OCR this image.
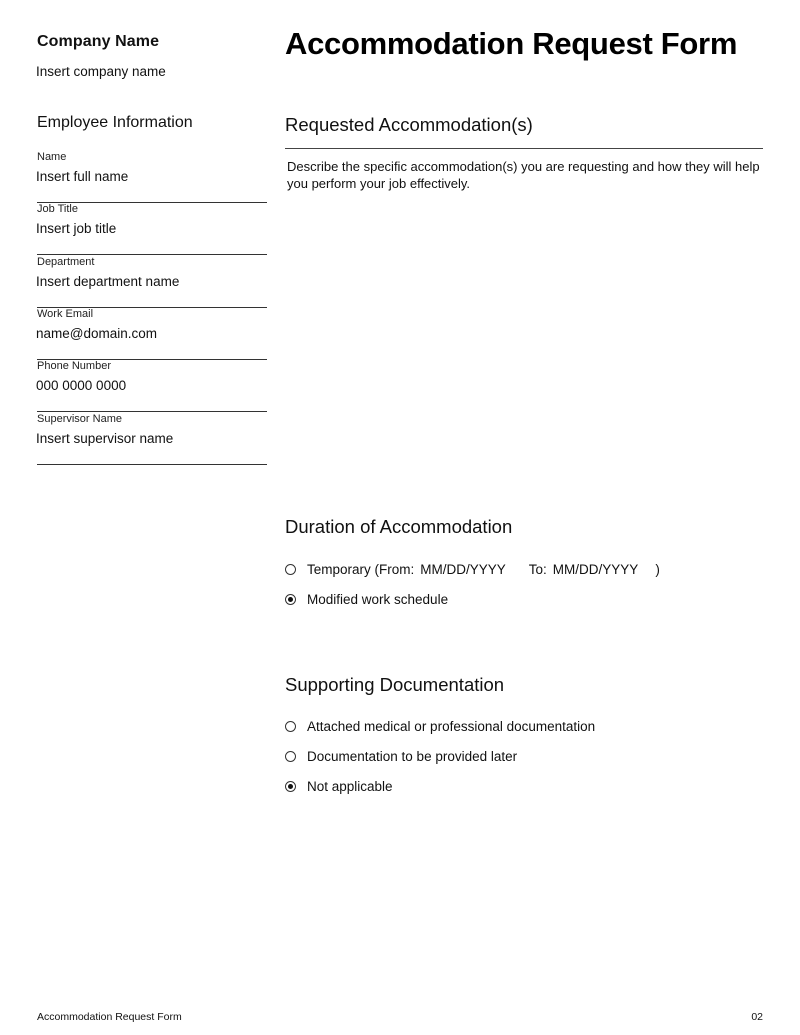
Company Name
Insert company name
Employee Information
Name
Insert full name
Job Title
Insert job title
Department
Insert department name
Work Email
name@domain.com
Phone Number
000 0000 0000
Supervisor Name
Insert supervisor name
Accommodation Request Form
Requested Accommodation(s)
Describe the specific accommodation(s) you are requesting and how they will help you perform your job effectively.
Duration of Accommodation
Temporary (From: MM/DD/YYYY To: MM/DD/YYYY )
Modified work schedule
Supporting Documentation
Attached medical or professional documentation
Documentation to be provided later
Not applicable
Accommodation Request Form	02
